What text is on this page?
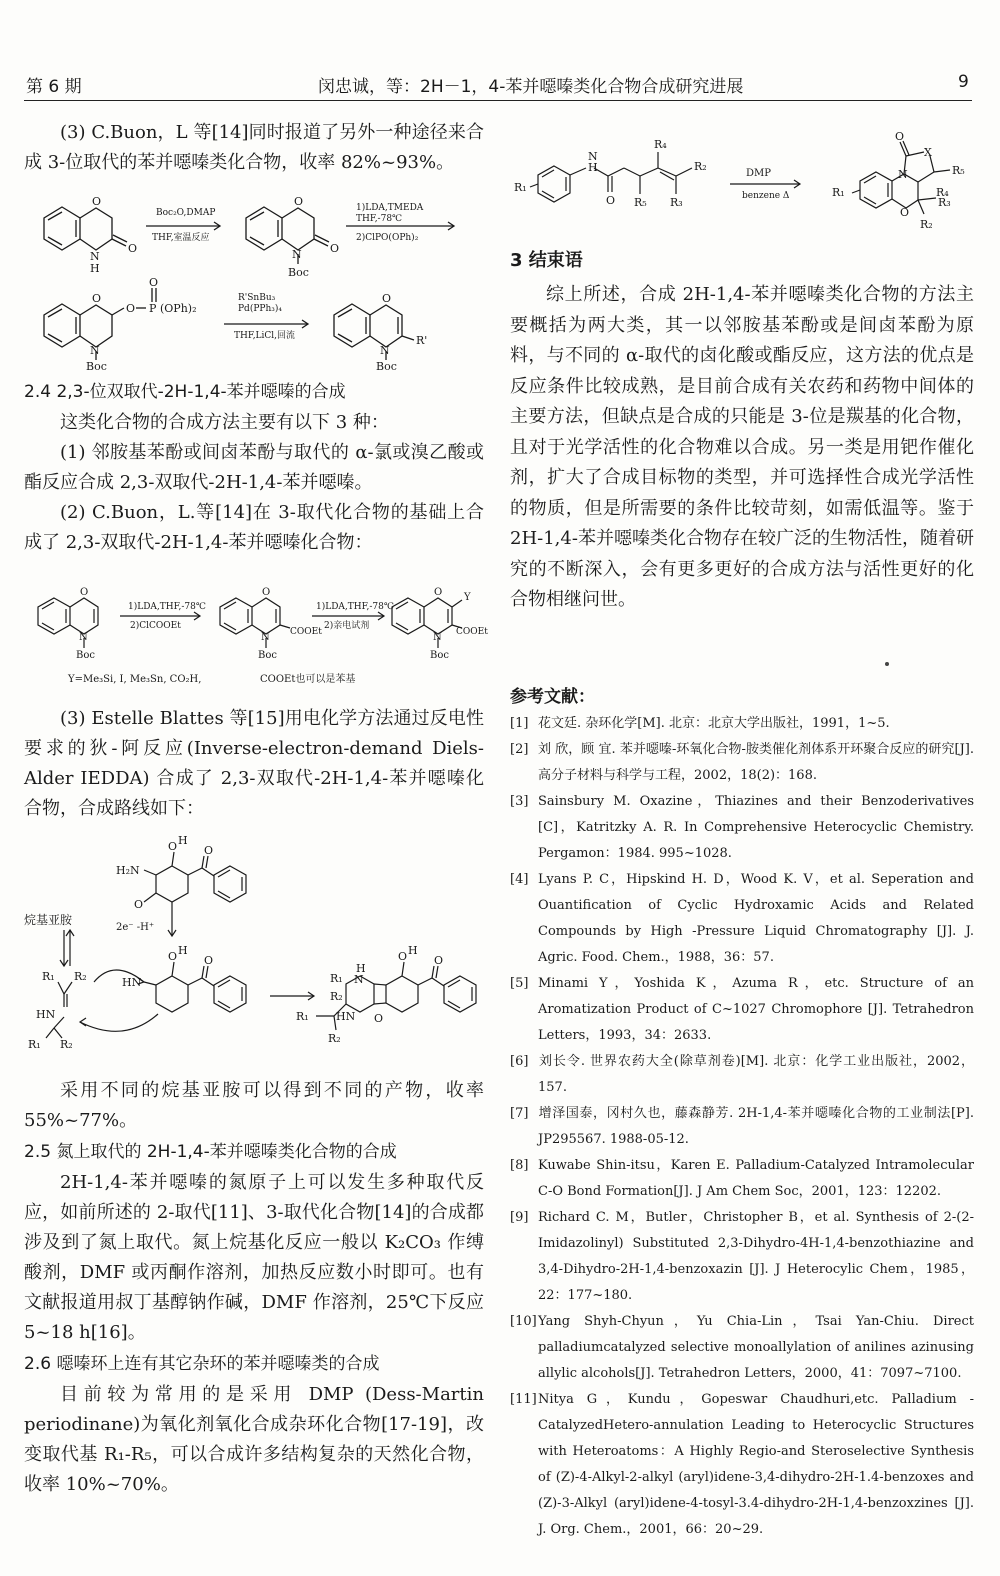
第 6 期	闵忠诚，等：2H－1，4-苯并噁嗪类化合物合成研究进展	9

(3) C.Buon，L 等[14]同时报道了另外一种途径来合成 3-位取代的苯并噁嗪类化合物，收率 82%~93%。

O
N
H
O
Boc₂O,DMAP
THF,室温反应
O
N
Boc
O
1)LDA,TMEDA
THF,-78℃
2)ClPO(OPh)₂
O
O
O
P (OPh)₂
N
Boc
R'SnBu₃
Pd(PPh₃)₄
THF,LiCl,回流
O
R'
N
Boc
2.4 2,3-位双取代-2H-1,4-苯并噁嗪的合成

这类化合物的合成方法主要有以下 3 种：

(1) 邻胺基苯酚或间卤苯酚与取代的 α-氯或溴乙酸或酯反应合成 2,3-双取代-2H-1,4-苯并噁嗪。

(2) C.Buon，L.等[14]在 3-取代化合物的基础上合成了 2,3-双取代-2H-1,4-苯并噁嗪化合物：

O
N
Boc
1)LDA,THF,-78℃
2)ClCOOEt
O
N
Boc
COOEt
1)LDA,THF,-78℃
2)亲电试剂
O Y
N
Boc
COOEt
Y=Me₃Si, I, Me₃Sn, CO₂H,	COOEt也可以是苯基

(3) Estelle Blattes 等[15]用电化学方法通过反电性要求的狄-阿反应(Inverse-electron-demand Diels-Alder IEDDA) 合成了 2,3-双取代-2H-1,4-苯并噁嗪化合物，合成路线如下：

O H
O
H₂N
O
烷基亚胺
2e⁻ -H⁺
R₁ R₂
HN
R₁ R₂
O H
O
HN
H
N
R₁
R₂
HN O
O H
O
R₁
R₂

采用不同的烷基亚胺可以得到不同的产物，收率 55%~77%。

2.5 氮上取代的 2H-1,4-苯并噁嗪类化合物的合成

2H-1,4-苯并噁嗪的氮原子上可以发生多种取代反应，如前所述的 2-取代[11]、3-取代化合物[14]的合成都涉及到了氮上取代。氮上烷基化反应一般以 K₂CO₃ 作缚酸剂，DMF 或丙酮作溶剂，加热反应数小时即可。也有文献报道用叔丁基醇钠作碱，DMF 作溶剂，25℃下反应 5~18 h[16]。

2.6 噁嗪环上连有其它杂环的苯并噁嗪类的合成

目前较为常用的是采用 DMP (Dess-Martin periodinane)为氧化剂氧化合成杂环化合物[17-19]，改变取代基 R₁-R₅，可以合成许多结构复杂的天然化合物，收率 10%~70%。

R₁
N
H
O R₅
R₄
R₂
R₃
DMP
benzene Δ	R₁
O
X
N	R₅
R₄
O
R₃
R₂
3 结束语

综上所述，合成 2H-1,4-苯并噁嗪类化合物的方法主要概括为两大类，其一以邻胺基苯酚或是间卤苯酚为原料，与不同的 α-取代的卤化酸或酯反应，这方法的优点是反应条件比较成熟，是目前合成有关农药和药物中间体的主要方法，但缺点是合成的只能是 3-位是羰基的化合物，且对于光学活性的化合物难以合成。另一类是用钯作催化剂，扩大了合成目标物的类型，并可选择性合成光学活性的物质，但是所需要的条件比较苛刻，如需低温等。鉴于 2H-1,4-苯并噁嗪类化合物存在较广泛的生物活性，随着研究的不断深入，会有更多更好的合成方法与活性更好的化合物相继问世。

参考文献：

[1] 花文廷. 杂环化学[M]. 北京：北京大学出版社，1991，1~5.

[2] 刘 欣，顾 宜. 苯并噁嗪-环氧化合物-胺类催化剂体系开环聚合反应的研究[J]. 高分子材料与科学与工程，2002，18(2)：168.

[3] Sainsbury M. Oxazine，Thiazines and their Benzoderivatives [C]，Katritzky A. R. In Comprehensive Heterocyclic Chemistry. Pergamon：1984. 995~1028.

[4] Lyans P. C，Hipskind H. D，Wood K. V，et al. Seperation and Ouantification of Cyclic Hydroxamic Acids and Related Compounds by High -Pressure Liquid Chromatography [J]. J. Agric. Food. Chem.，1988，36：57.

[5] Minami Y，Yoshida K，Azuma R，etc. Structure of an Aromatization Product of C~1027 Chromophore [J]. Tetrahedron Letters，1993，34：2633.

[6] 刘长令. 世界农药大全(除草剂卷)[M]. 北京：化学工业出版社，2002，157.

[7] 增泽国泰，冈村久也，藤森静芳. 2H-1,4-苯并噁嗪化合物的工业制法[P]. JP295567. 1988-05-12.

[8] Kuwabe Shin-itsu，Karen E. Palladium-Catalyzed Intramolecular C-O Bond Formation[J]. J Am Chem Soc，2001，123：12202.

[9] Richard C. M，Butler，Christopher B，et al. Synthesis of 2-(2-Imidazolinyl) Substituted 2,3-Dihydro-4H-1,4-benzothiazine and 3,4-Dihydro-2H-1,4-benzoxazin [J]. J Heterocylic Chem，1985，22：177~180.

[10]Yang Shyh-Chyun，Yu Chia-Lin，Tsai Yan-Chiu. Direct palladiumcatalyzed selective monoallylation of anilines azinusing allylic alcohols[J]. Tetrahedron Letters，2000，41：7097~7100.

[11]Nitya G，Kundu，Gopeswar Chaudhuri,etc. Palladium - CatalyzedHetero-annulation Leading to Heterocyclic Structures with Heteroatoms：A Highly Regio-and Steroselective Synthesis of (Z)-4-Alkyl-2-alkyl (aryl)idene-3,4-dihydro-2H-1.4-benzoxes and (Z)-3-Alkyl (aryl)idene-4-tosyl-3.4-dihydro-2H-1,4-benzoxzines [J]. J. Org. Chem.，2001，66：20~29.
